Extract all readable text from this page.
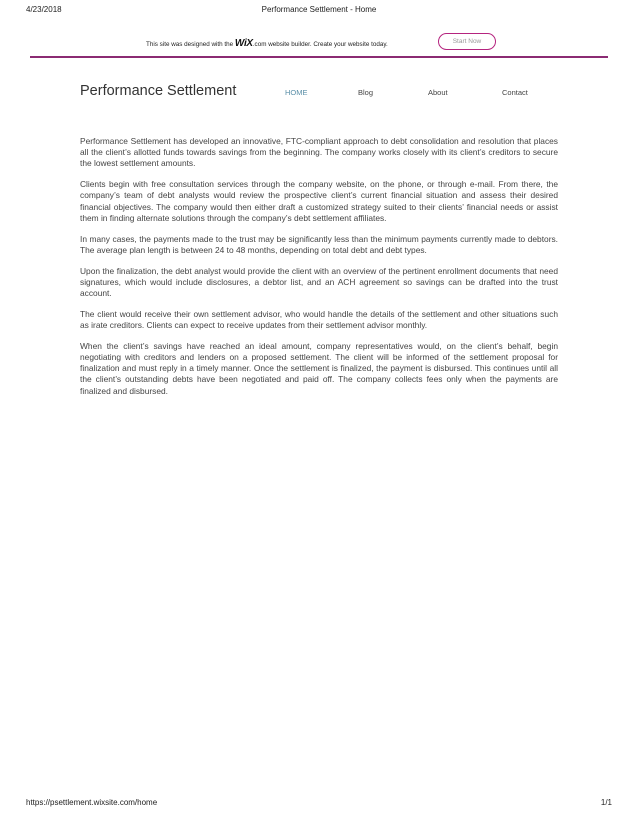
4/23/2018	Performance Settlement - Home
This site was designed with the WiX.com website builder. Create your website today.	Start Now
Performance Settlement	HOME	Blog	About	Contact

Performance Settlement has developed an innovative, FTC-compliant approach to debt consolidation and resolution that places all the client’s allotted funds towards savings from the beginning. The company works closely with its client’s creditors to secure the lowest settlement amounts.

Clients begin with free consultation services through the company website, on the phone, or through e-mail. From there, the company’s team of debt analysts would review the prospective client’s current financial situation and assess their desired financial objectives. The company would then either draft a customized strategy suited to their clients’ financial needs or assist them in finding alternate solutions through the company’s debt settlement affiliates.

In many cases, the payments made to the trust may be significantly less than the minimum payments currently made to debtors. The average plan length is between 24 to 48 months, depending on total debt and debt types.

Upon the finalization, the debt analyst would provide the client with an overview of the pertinent enrollment documents that need signatures, which would include disclosures, a debtor list, and an ACH agreement so savings can be drafted into the trust account.

The client would receive their own settlement advisor, who would handle the details of the settlement and other situations such as irate creditors. Clients can expect to receive updates from their settlement advisor monthly.

When the client’s savings have reached an ideal amount, company representatives would, on the client’s behalf, begin negotiating with creditors and lenders on a proposed settlement. The client will be informed of the settlement proposal for finalization and must reply in a timely manner. Once the settlement is finalized, the payment is disbursed. This continues until all the client’s outstanding debts have been negotiated and paid off. The company collects fees only when the payments are finalized and disbursed.

https://psettlement.wixsite.com/home	1/1
